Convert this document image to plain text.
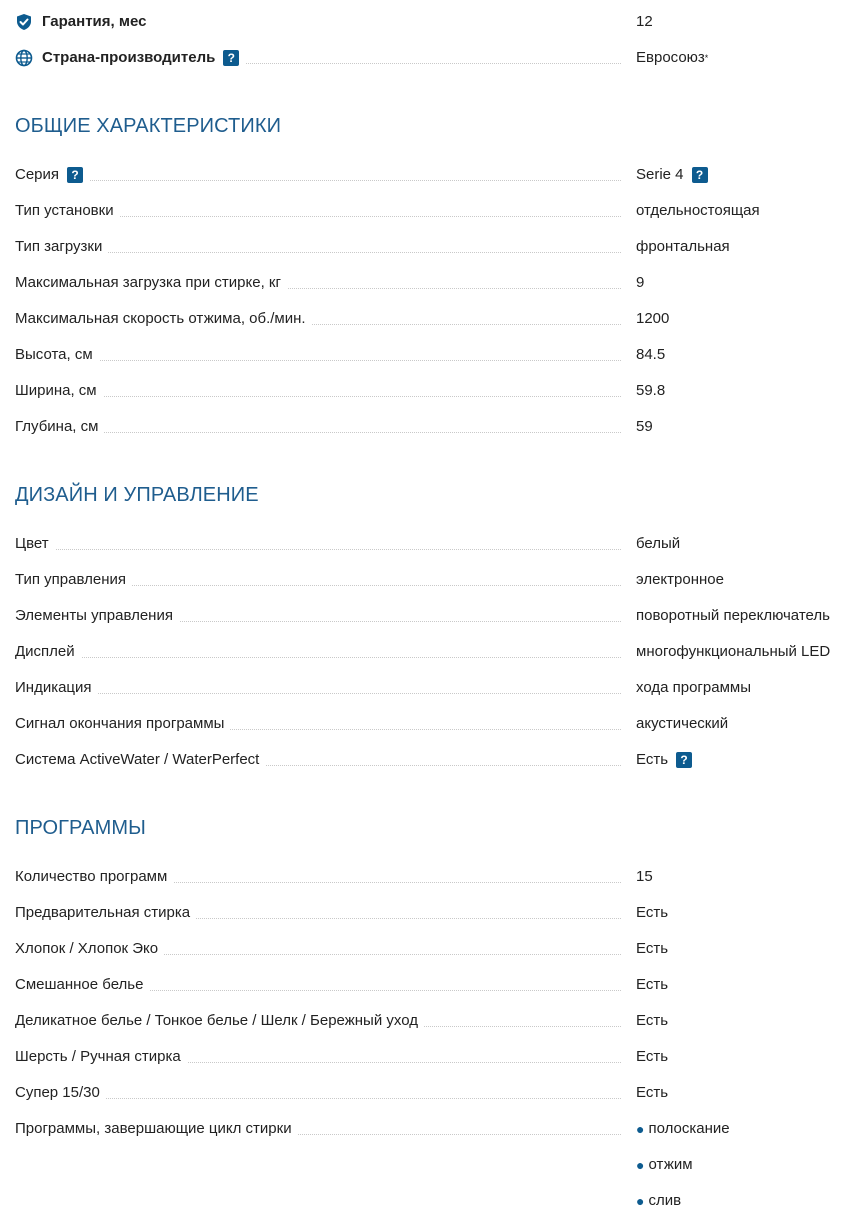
Гарантия, мес	12
Страна-производитель	?	Евросоюз *
ОБЩИЕ ХАРАКТЕРИСТИКИ
Серия	?	Serie 4	?
Тип установки	отдельностоящая
Тип загрузки	фронтальная
Максимальная загрузка при стирке, кг	9
Максимальная скорость отжима, об./мин.	1200
Высота, см	84.5
Ширина, см	59.8
Глубина, см	59
ДИЗАЙН И УПРАВЛЕНИЕ
Цвет	белый
Тип управления	электронное
Элементы управления	поворотный переключатель
Дисплей	многофункциональный LED
Индикация	хода программы
Сигнал окончания программы	акустический
Система ActiveWater / WaterPerfect	Есть	?
ПРОГРАММЫ
Количество программ	15
Предварительная стирка	Есть
Хлопок / Хлопок Эко	Есть
Смешанное белье	Есть
Деликатное белье / Тонкое белье / Шелк / Бережный уход	Есть
Шерсть / Ручная стирка	Есть
Супер 15/30	Есть
Программы, завершающие цикл стирки	● полоскание
● отжим
● слив
